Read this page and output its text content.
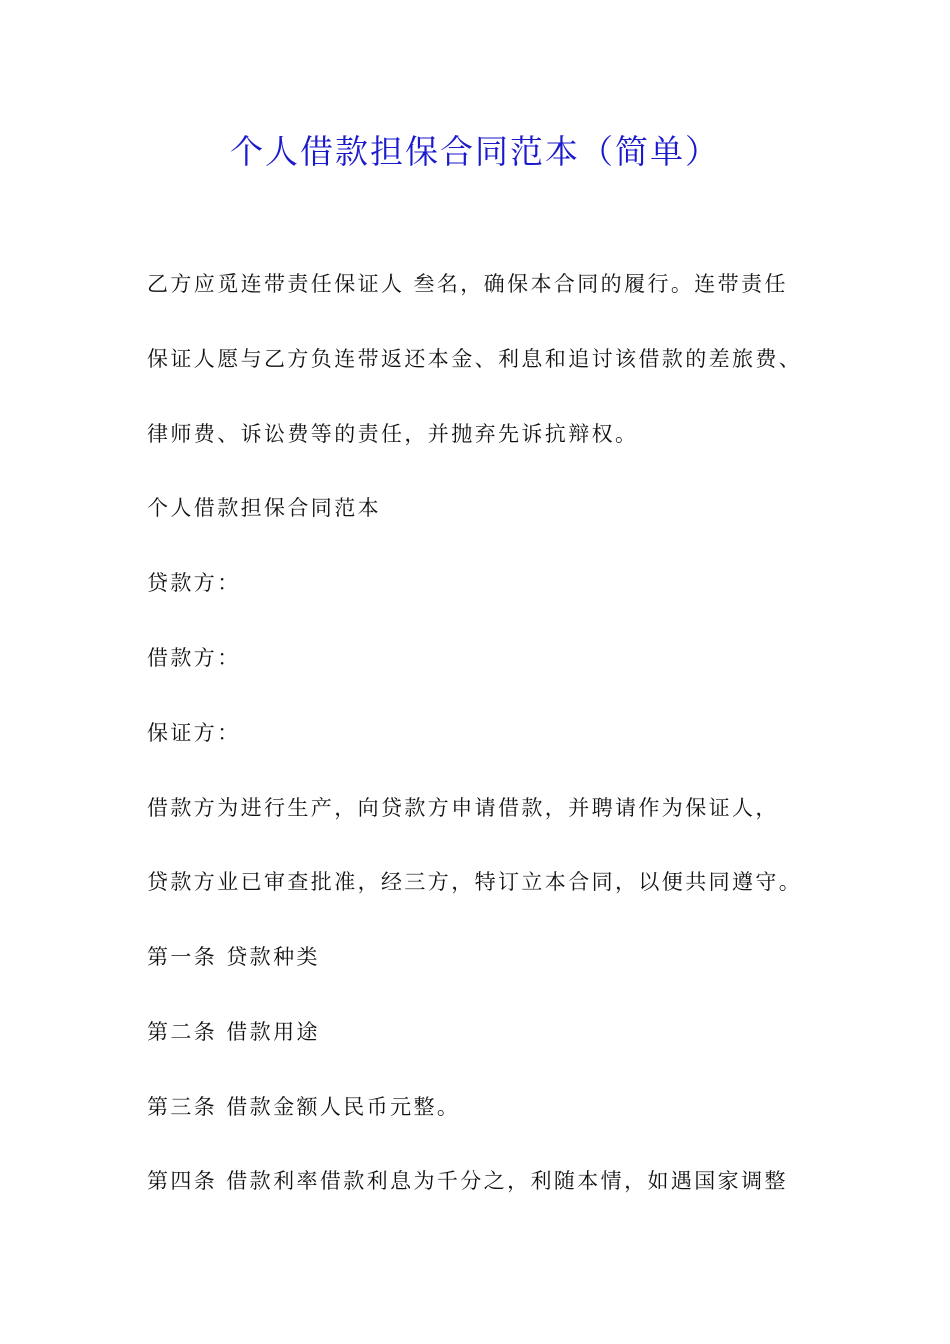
个人借款担保合同范本（简单）

乙方应觅连带责任保证人 叁名，确保本合同的履行。连带责任

保证人愿与乙方负连带返还本金、利息和追讨该借款的差旅费、

律师费、诉讼费等的责任，并抛弃先诉抗辩权。

个人借款担保合同范本

贷款方：

借款方：

保证方：

借款方为进行生产，向贷款方申请借款，并聘请作为保证人，

贷款方业已审查批准，经三方，特订立本合同，以便共同遵守。

第一条 贷款种类

第二条 借款用途

第三条 借款金额人民币元整。

第四条 借款利率借款利息为千分之，利随本情，如遇国家调整
